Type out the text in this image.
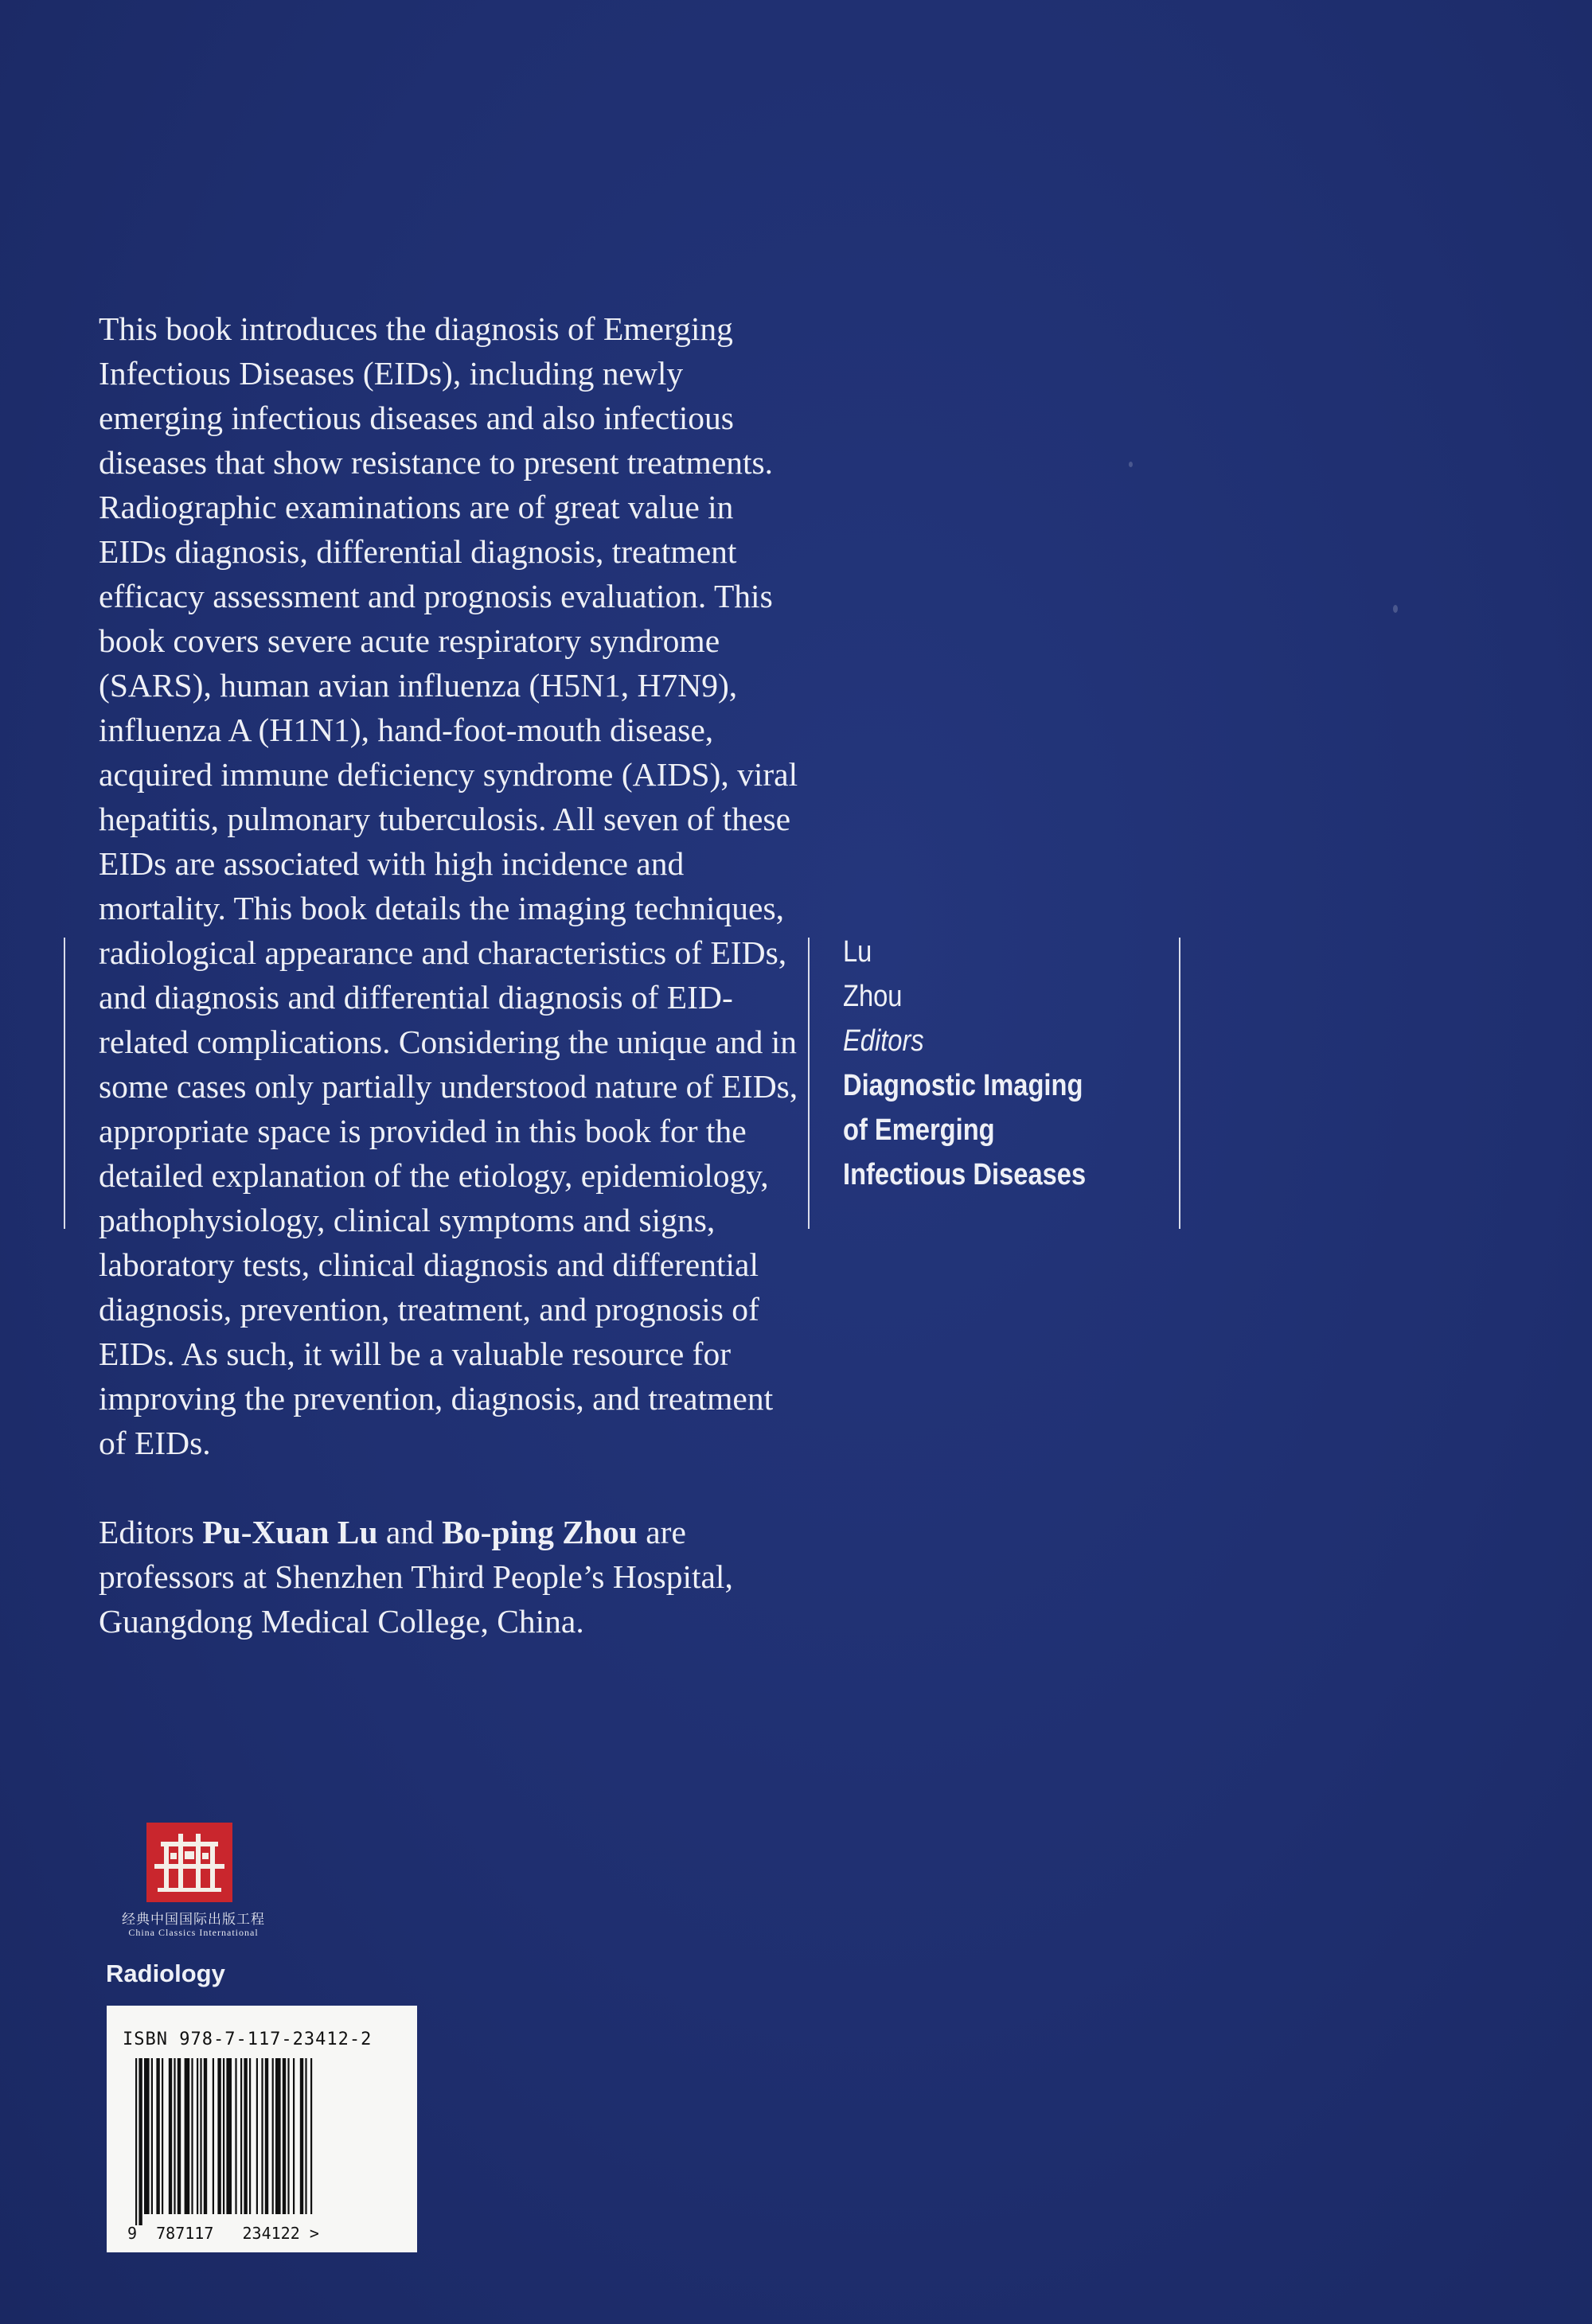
This book introduces the diagnosis of Emerging Infectious Diseases (EIDs), including newly emerging infectious diseases and also infectious diseases that show resistance to present treatments. Radiographic examinations are of great value in EIDs diagnosis, differential diagnosis, treatment efficacy assessment and prognosis evaluation. This book covers severe acute respiratory syndrome (SARS), human avian influenza (H5N1, H7N9), influenza A (H1N1), hand-foot-mouth disease, acquired immune deficiency syndrome (AIDS), viral hepatitis, pulmonary tuberculosis. All seven of these EIDs are associated with high incidence and mortality. This book details the imaging techniques, radiological appearance and characteristics of EIDs, and diagnosis and differential diagnosis of EID-related complications. Considering the unique and in some cases only partially understood nature of EIDs, appropriate space is provided in this book for the detailed explanation of the etiology, epidemiology, pathophysiology, clinical symptoms and signs, laboratory tests, clinical diagnosis and differential diagnosis, prevention, treatment, and prognosis of EIDs. As such, it will be a valuable resource for improving the prevention, diagnosis, and treatment of EIDs.

Editors Pu-Xuan Lu and Bo-ping Zhou are professors at Shenzhen Third People’s Hospital, Guangdong Medical College, China.

Lu
Zhou
Editors
Diagnostic Imaging
of Emerging
Infectious Diseases
经典中国国际出版工程
China Classics International
Radiology
ISBN 978-7-117-23412-2
9 787117 234122 >
